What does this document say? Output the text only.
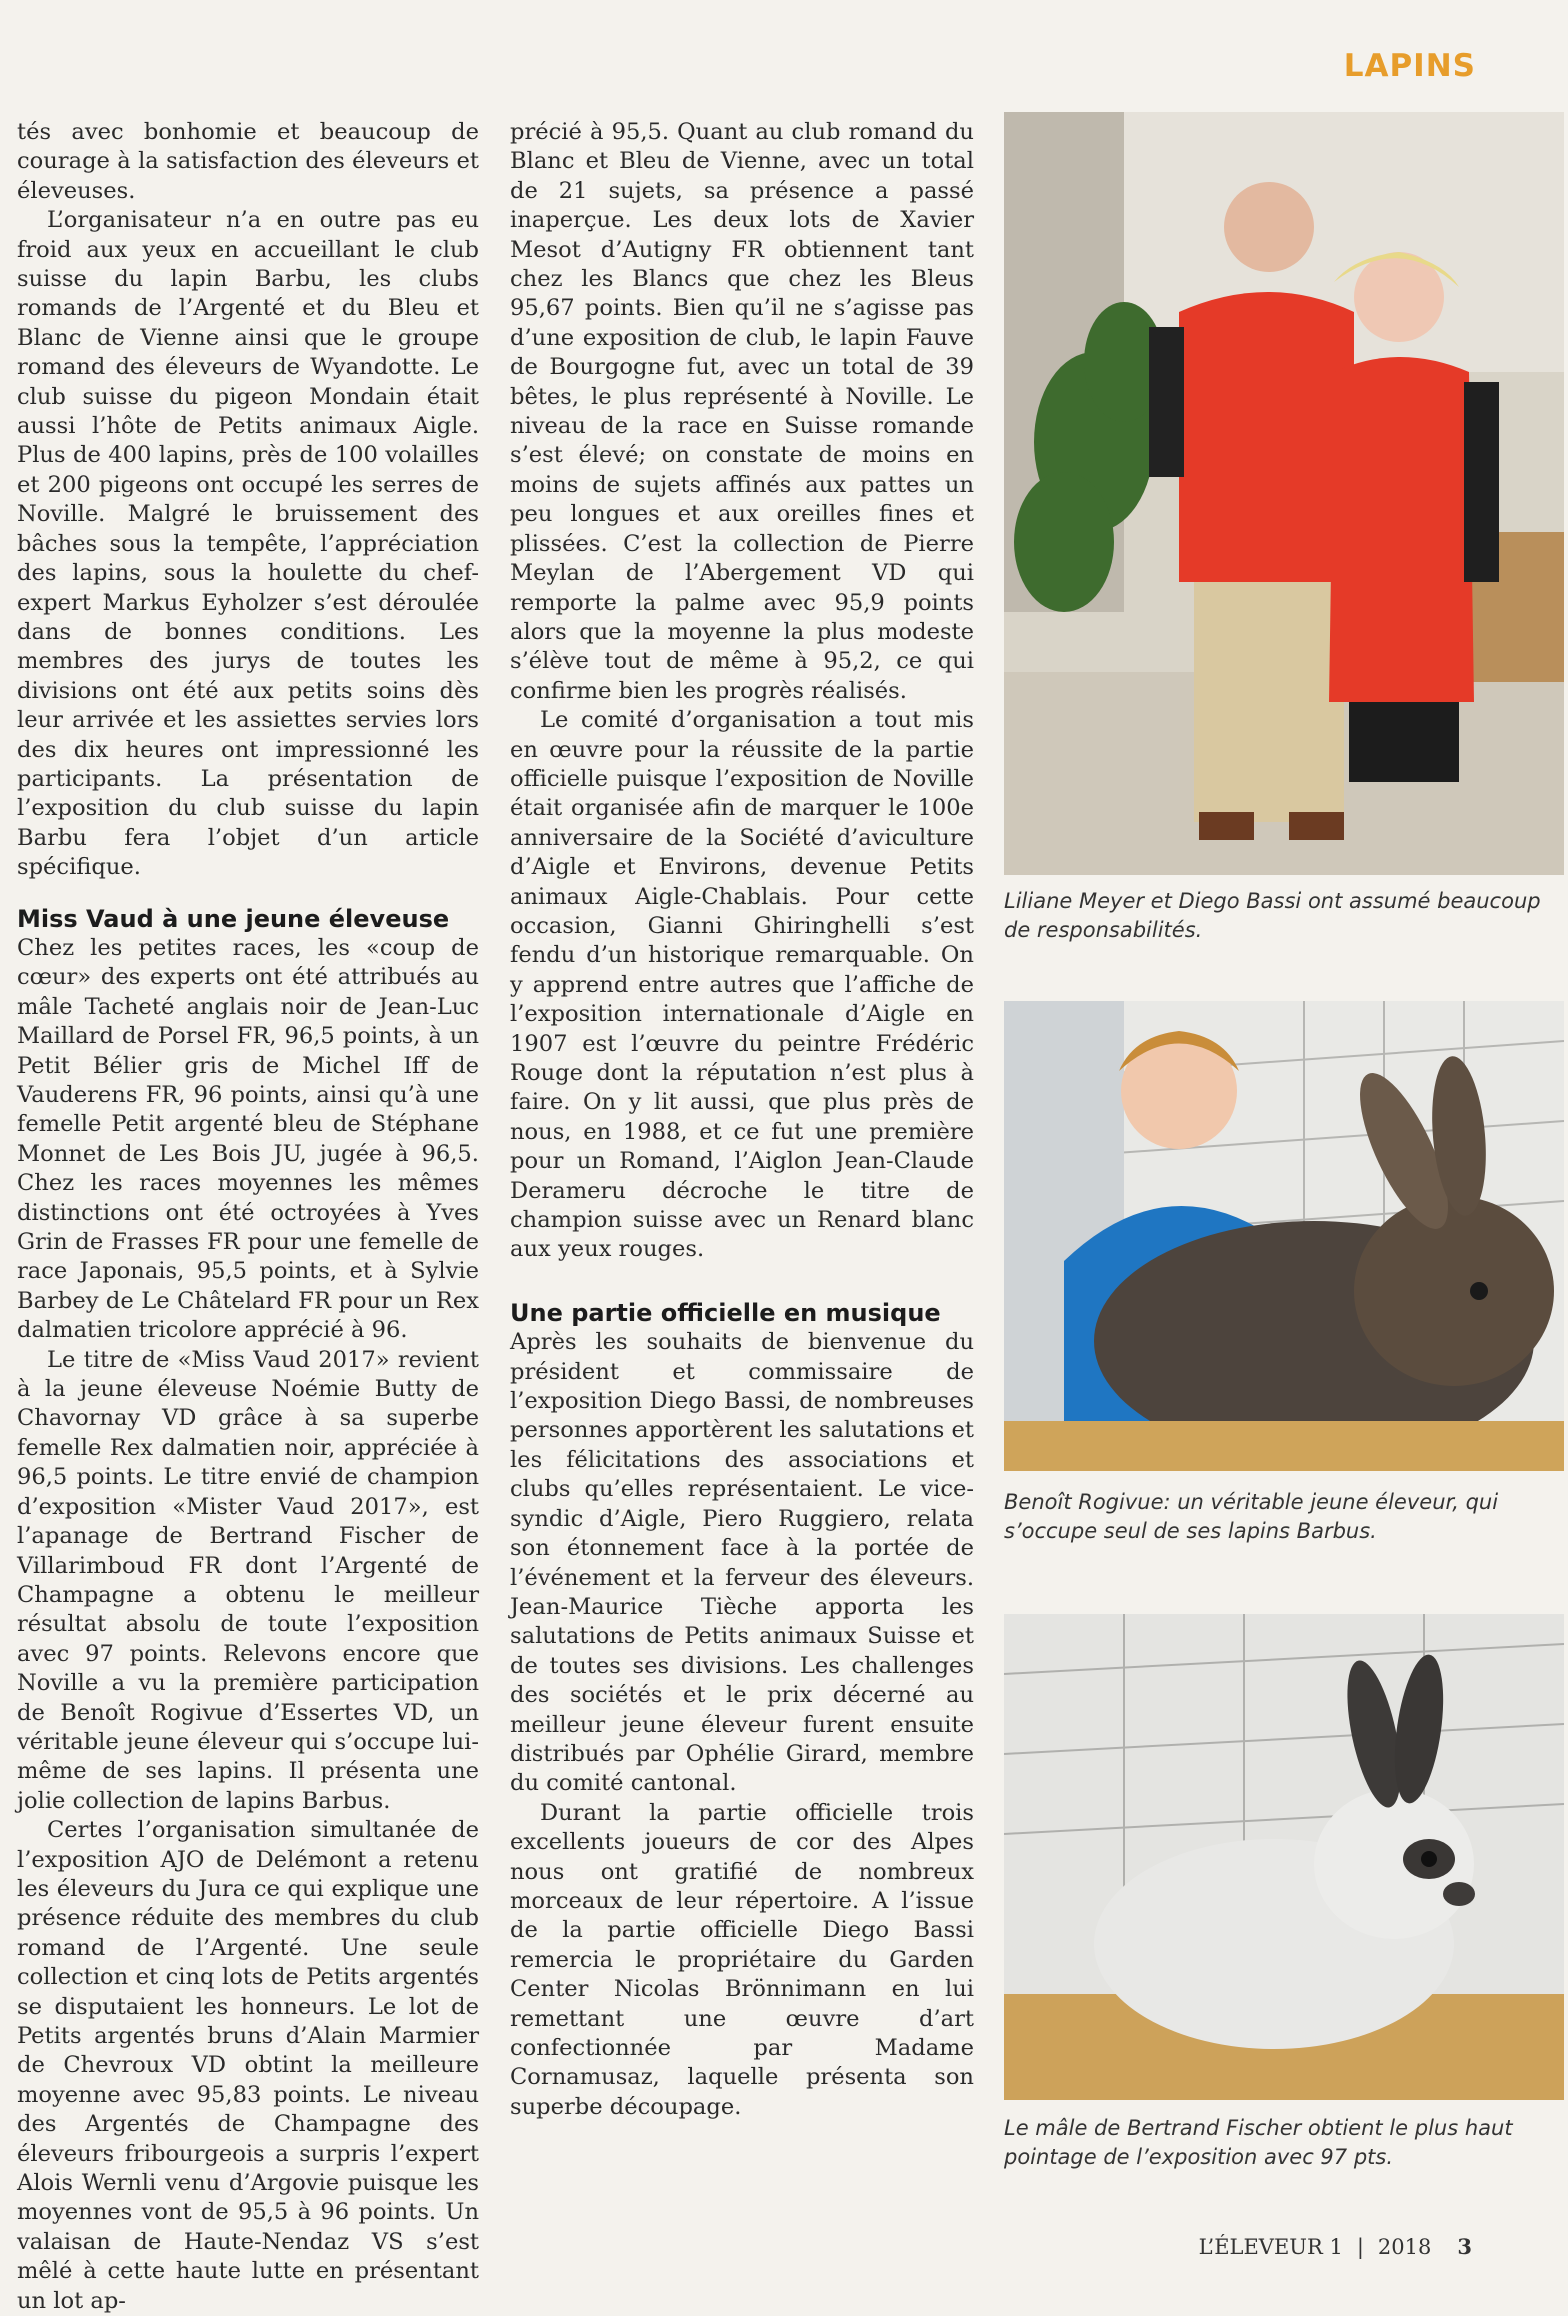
LAPINS

tés avec bonhomie et beaucoup de courage à la satisfaction des éleveurs et éleveuses.

L’organisateur n’a en outre pas eu froid aux yeux en accueillant le club suisse du lapin Barbu, les clubs romands de l’Argenté et du Bleu et Blanc de Vienne ainsi que le groupe romand des éleveurs de Wyandotte. Le club suisse du pigeon Mondain était aussi l’hôte de Petits animaux Aigle. Plus de 400 lapins, près de 100 volailles et 200 pigeons ont occupé les serres de Noville. Malgré le bruissement des bâches sous la tempête, l’appréciation des lapins, sous la houlette du chef-expert Markus Eyholzer s’est déroulée dans de bonnes conditions. Les membres des jurys de toutes les divisions ont été aux petits soins dès leur arrivée et les assiettes servies lors des dix heures ont impressionné les participants. La présentation de l’exposition du club suisse du lapin Barbu fera l’objet d’un article spécifique.

Miss Vaud à une jeune éleveuse

Chez les petites races, les «coup de cœur» des experts ont été attribués au mâle Tacheté anglais noir de Jean-Luc Maillard de Porsel FR, 96,5 points, à un Petit Bélier gris de Michel Iff de Vauderens FR, 96 points, ainsi qu’à une femelle Petit argenté bleu de Stéphane Monnet de Les Bois JU, jugée à 96,5. Chez les races moyennes les mêmes distinctions ont été octroyées à Yves Grin de Frasses FR pour une femelle de race Japonais, 95,5 points, et à Sylvie Barbey de Le Châtelard FR pour un Rex dalmatien tricolore apprécié à 96.

Le titre de «Miss Vaud 2017» revient à la jeune éleveuse Noémie Butty de Chavornay VD grâce à sa superbe femelle Rex dalmatien noir, appréciée à 96,5 points. Le titre envié de champion d’exposition «Mister Vaud 2017», est l’apanage de Bertrand Fischer de Villarimboud FR dont l’Argenté de Champagne a obtenu le meilleur résultat absolu de toute l’exposition avec 97 points. Relevons encore que Noville a vu la première participation de Benoît Rogivue d’Essertes VD, un véritable jeune éleveur qui s’occupe lui-même de ses lapins. Il présenta une jolie collection de lapins Barbus.

Certes l’organisation simultanée de l’exposition AJO de Delémont a retenu les éleveurs du Jura ce qui explique une présence réduite des membres du club romand de l’Argenté. Une seule collection et cinq lots de Petits argentés se disputaient les honneurs. Le lot de Petits argentés bruns d’Alain Marmier de Chevroux VD obtint la meilleure moyenne avec 95,83 points. Le niveau des Argentés de Champagne des éleveurs fribourgeois a surpris l’expert Alois Wernli venu d’Argovie puisque les moyennes vont de 95,5 à 96 points. Un valaisan de Haute-Nendaz VS s’est mêlé à cette haute lutte en présentant un lot ap-

précié à 95,5. Quant au club romand du Blanc et Bleu de Vienne, avec un total de 21 sujets, sa présence a passé inaperçue. Les deux lots de Xavier Mesot d’Autigny FR obtiennent tant chez les Blancs que chez les Bleus 95,67 points. Bien qu’il ne s’agisse pas d’une exposition de club, le lapin Fauve de Bourgogne fut, avec un total de 39 bêtes, le plus représenté à Noville. Le niveau de la race en Suisse romande s’est élevé; on constate de moins en moins de sujets affinés aux pattes un peu longues et aux oreilles fines et plissées. C’est la collection de Pierre Meylan de l’Abergement VD qui remporte la palme avec 95,9 points alors que la moyenne la plus modeste s’élève tout de même à 95,2, ce qui confirme bien les progrès réalisés.

Le comité d’organisation a tout mis en œuvre pour la réussite de la partie officielle puisque l’exposition de Noville était organisée afin de marquer le 100e anniversaire de la Société d’aviculture d’Aigle et Environs, devenue Petits animaux Aigle-Chablais. Pour cette occasion, Gianni Ghiringhelli s’est fendu d’un historique remarquable. On y apprend entre autres que l’affiche de l’exposition internationale d’Aigle en 1907 est l’œuvre du peintre Frédéric Rouge dont la réputation n’est plus à faire. On y lit aussi, que plus près de nous, en 1988, et ce fut une première pour un Romand, l’Aiglon Jean-Claude Derameru décroche le titre de champion suisse avec un Renard blanc aux yeux rouges.

Une partie officielle en musique

Après les souhaits de bienvenue du président et commissaire de l’exposition Diego Bassi, de nombreuses personnes apportèrent les salutations et les félicitations des associations et clubs qu’elles représentaient. Le vice-syndic d’Aigle, Piero Ruggiero, relata son étonnement face à la portée de l’événement et la ferveur des éleveurs. Jean-Maurice Tièche apporta les salutations de Petits animaux Suisse et de toutes ses divisions. Les challenges des sociétés et le prix décerné au meilleur jeune éleveur furent ensuite distribués par Ophélie Girard, membre du comité cantonal.

Durant la partie officielle trois excellents joueurs de cor des Alpes nous ont gratifié de nombreux morceaux de leur répertoire. A l’issue de la partie officielle Diego Bassi remercia le propriétaire du Garden Center Nicolas Brönnimann en lui remettant une œuvre d’art confectionnée par Madame Cornamusaz, laquelle présenta son superbe découpage.

Liliane Meyer et Diego Bassi ont assumé beaucoup de responsabilités.
Benoît Rogivue: un véritable jeune éleveur, qui s’occupe seul de ses lapins Barbus.
Le mâle de Bertrand Fischer obtient le plus haut pointage de l’exposition avec 97 pts.
L’ÉLEVEUR 1 | 2018 3
